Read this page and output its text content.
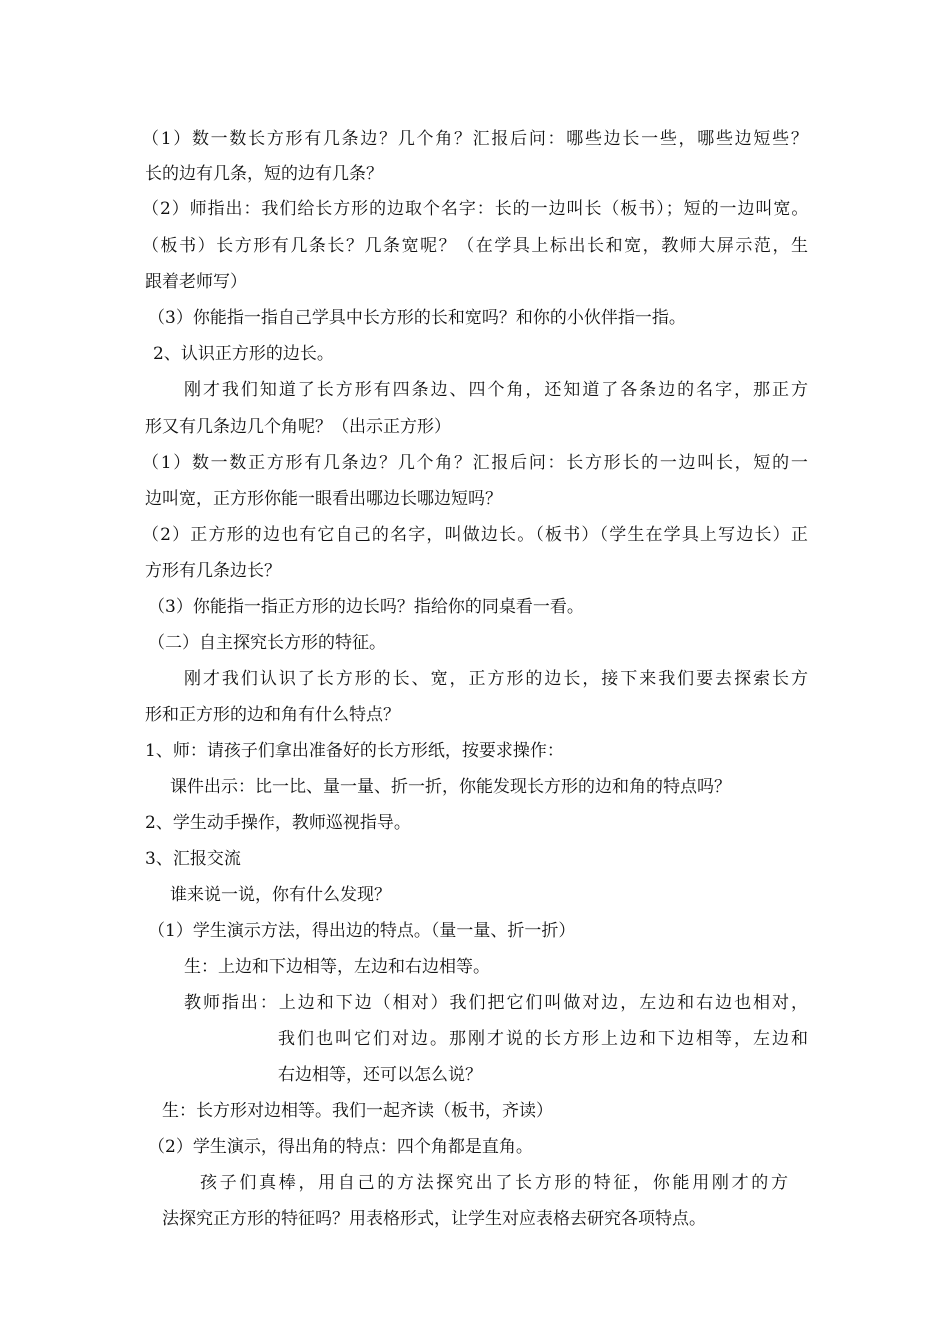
（1）数一数长方形有几条边？几个角？汇报后问：哪些边长一些，哪些边短些？
长的边有几条，短的边有几条？
（2）师指出：我们给长方形的边取个名字：长的一边叫长（板书）；短的一边叫宽。
（板书）长方形有几条长？几条宽呢？（在学具上标出长和宽，教师大屏示范，生
跟着老师写）
（3）你能指一指自己学具中长方形的长和宽吗？和你的小伙伴指一指。
2、认识正方形的边长。
刚才我们知道了长方形有四条边、四个角，还知道了各条边的名字，那正方
形又有几条边几个角呢？（出示正方形）
（1）数一数正方形有几条边？几个角？汇报后问：长方形长的一边叫长，短的一
边叫宽，正方形你能一眼看出哪边长哪边短吗？
（2）正方形的边也有它自己的名字，叫做边长。（板书）（学生在学具上写边长）正
方形有几条边长？
（3）你能指一指正方形的边长吗？指给你的同桌看一看。
（二）自主探究长方形的特征。
刚才我们认识了长方形的长、宽，正方形的边长，接下来我们要去探索长方
形和正方形的边和角有什么特点？
1、师：请孩子们拿出准备好的长方形纸，按要求操作：
课件出示：比一比、量一量、折一折，你能发现长方形的边和角的特点吗？
2、学生动手操作，教师巡视指导。
3、汇报交流
谁来说一说，你有什么发现？
（1）学生演示方法，得出边的特点。（量一量、折一折）
生：上边和下边相等，左边和右边相等。
教师指出：上边和下边（相对）我们把它们叫做对边，左边和右边也相对，
我们也叫它们对边。那刚才说的长方形上边和下边相等，左边和
右边相等，还可以怎么说？
生：长方形对边相等。我们一起齐读（板书，齐读）
（2）学生演示，得出角的特点：四个角都是直角。
孩子们真棒，用自己的方法探究出了长方形的特征，你能用刚才的方
法探究正方形的特征吗？用表格形式，让学生对应表格去研究各项特点。
